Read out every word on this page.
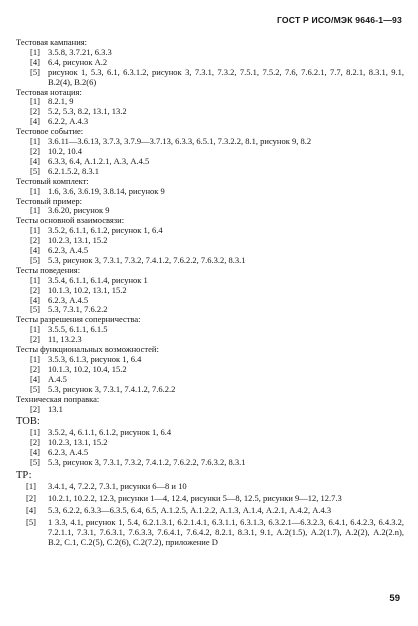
ГОСТ Р ИСО/МЭК 9646-1—93
Тестовая кампания:
[1] 3.5.8, 3.7.21, 6.3.3
[4] 6.4, рисунок А.2
[5] рисунок 1, 5.3, 6.1, 6.3.1.2, рисунок 3, 7.3.1, 7.3.2, 7.5.1, 7.5.2, 7.6, 7.6.2.1, 7.7, 8.2.1, 8.3.1, 9.1, В.2(4), В.2(6)
Тестовая нотация:
[1] 8.2.1, 9
[2] 5.2, 5.3, 8.2, 13.1, 13.2
[4] 6.2.2, А.4.3
Тестовое событие:
[1] 3.6.11—3.6.13, 3.7.3, 3.7.9—3.7.13, 6.3.3, 6.5.1, 7.3.2.2, 8.1, рисунок 9, 8.2
[2] 10.2, 10.4
[4] 6.3.3, 6.4, А.1.2.1, А.3, А.4.5
[5] 6.2.1.5.2, 8.3.1
Тестовый комплект:
[1] 1.6, 3.6, 3.6.19, 3.8.14, рисунок 9
Тестовый пример:
[1] 3.6.20, рисунок 9
Тесты основной взаимосвязи:
[1] 3.5.2, 6.1.1, 6.1.2, рисунок 1, 6.4
[2] 10.2.3, 13.1, 15.2
[4] 6.2.3, А.4.5
[5] 5.3, рисунок 3, 7.3.1, 7.3.2, 7.4.1.2, 7.6.2.2, 7.6.3.2, 8.3.1
Тесты поведения:
[1] 3.5.4, 6.1.1, 6.1.4, рисунок 1
[2] 10.1.3, 10.2, 13.1, 15.2
[4] 6.2.3, А.4.5
[5] 5.3, 7.3.1, 7.6.2.2
Тесты разрешения соперничества:
[1] 3.5.5, 6.1.1, 6.1.5
[2] 11, 13.2.3
Тесты функциональных возможностей:
[1] 3.5.3, 6.1.3, рисунок 1, 6.4
[2] 10.1.3, 10.2, 10.4, 15.2
[4] А.4.5
[5] 5.3, рисунок 3, 7.3.1, 7.4.1.2, 7.6.2.2
Техническая поправка:
[2] 13.1
ТОВ:
[1] 3.5.2, 4, 6.1.1, 6.1.2, рисунок 1, 6.4
[2] 10.2.3, 13.1, 15.2
[4] 6.2.3, А.4.5
[5] 5.3, рисунок 3, 7.3.1, 7.3.2, 7.4.1.2, 7.6.2.2, 7.6.3.2, 8.3.1
ТР:
[1]	3.4.1, 4, 7.2.2, 7.3.1, рисунки 6—8 и 10
[2]	10.2.1, 10.2.2, 12.3, рисунки 1—4, 12.4, рисунки 5—8, 12.5, рисунки 9—12, 12.7.3
[4]	5.3, 6.2.2, 6.3.3—6.3.5, 6.4, 6.5, А.1.2.5, А.1.2.2, А.1.3, А.1.4, А.2.1, А.4.2, А.4.3
[5]	1 3.3, 4.1, рисунок 1, 5.4, 6.2.1.3.1, 6.2.1.4.1, 6.3.1.1, 6.3.1.3, 6.3.2.1—6.3.2.3, 6.4.1, 6.4.2.3, 6.4.3.2, 7.2.1.1, 7.3.1, 7.6.3.1, 7.6.3.3, 7.6.4.1, 7.6.4.2, 8.2.1, 8.3.1, 9.1, А.2(1.5), А.2(1.7), А.2(2), А.2(2.n), В.2, С.1, С.2(5), С.2(6), С.2(7.2), приложение D
59
